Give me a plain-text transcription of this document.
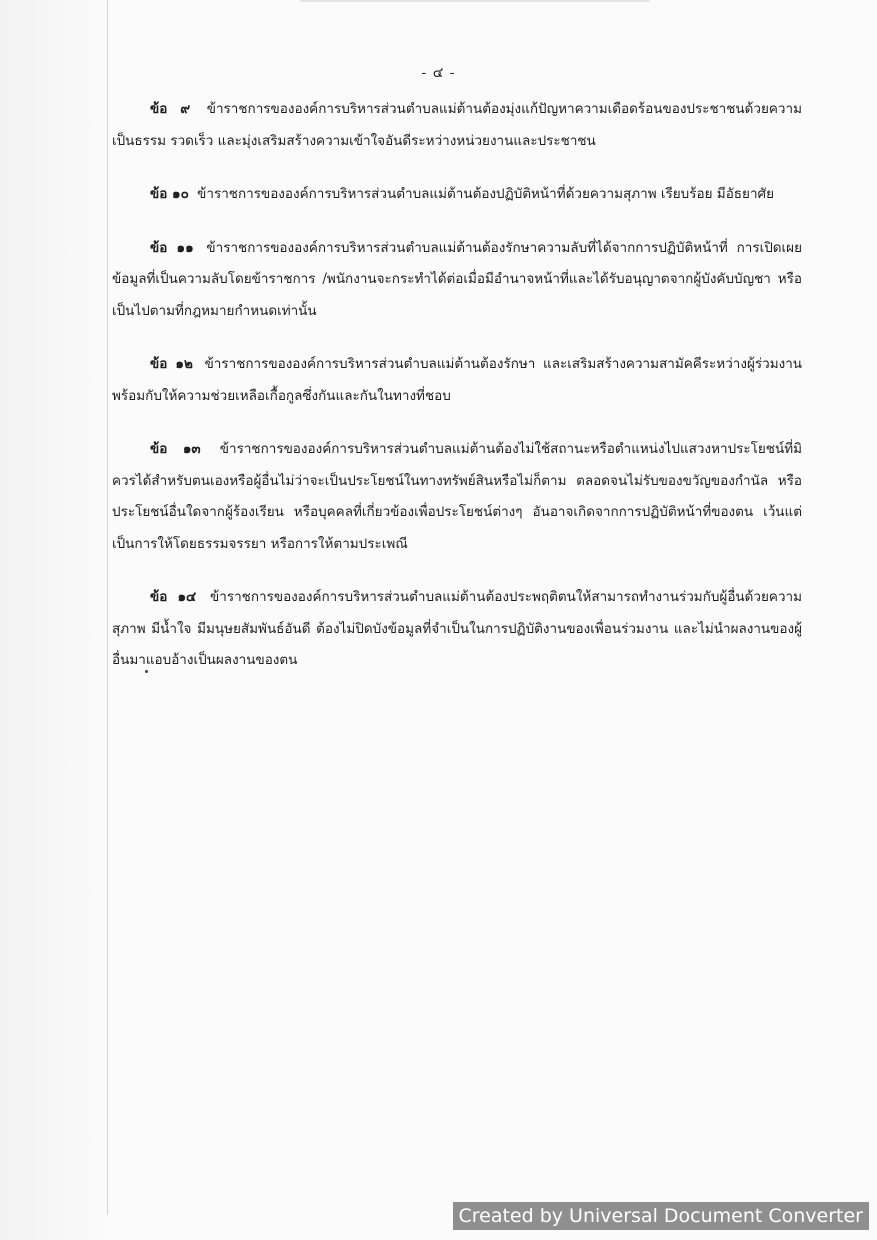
- ๔ -

ข้อ ๙ ข้าราชการขององค์การบริหารส่วนตำบลแม่ต้านต้องมุ่งแก้ปัญหาความเดือดร้อนของประชาชนด้วยความเป็นธรรม รวดเร็ว และมุ่งเสริมสร้างความเข้าใจอันดีระหว่างหน่วยงานและประชาชน

ข้อ ๑๐ ข้าราชการขององค์การบริหารส่วนตำบลแม่ต้านต้องปฏิบัติหน้าที่ด้วยความสุภาพ เรียบร้อย มีอัธยาศัย

ข้อ ๑๑ ข้าราชการขององค์การบริหารส่วนตำบลแม่ต้านต้องรักษาความลับที่ได้จากการปฏิบัติหน้าที่ การเปิดเผยข้อมูลที่เป็นความลับโดยข้าราชการ /พนักงานจะกระทำได้ต่อเมื่อมีอำนาจหน้าที่และได้รับอนุญาตจากผู้บังคับบัญชา หรือเป็นไปตามที่กฎหมายกำหนดเท่านั้น

ข้อ ๑๒ ข้าราชการขององค์การบริหารส่วนตำบลแม่ต้านต้องรักษา และเสริมสร้างความสามัคคีระหว่างผู้ร่วมงาน พร้อมกับให้ความช่วยเหลือเกื้อกูลซึ่งกันและกันในทางที่ชอบ

ข้อ ๑๓ ข้าราชการขององค์การบริหารส่วนตำบลแม่ต้านต้องไม่ใช้สถานะหรือตำแหน่งไปแสวงหาประโยชน์ที่มิควรได้สำหรับตนเองหรือผู้อื่นไม่ว่าจะเป็นประโยชน์ในทางทรัพย์สินหรือไม่ก็ตาม ตลอดจนไม่รับของขวัญของกำนัล หรือประโยชน์อื่นใดจากผู้ร้องเรียน หรือบุคคลที่เกี่ยวข้องเพื่อประโยชน์ต่างๆ อันอาจเกิดจากการปฏิบัติหน้าที่ของตน เว้นแต่เป็นการให้โดยธรรมจรรยา หรือการให้ตามประเพณี

ข้อ ๑๔ ข้าราชการขององค์การบริหารส่วนตำบลแม่ต้านต้องประพฤติตนให้สามารถทำงานร่วมกับผู้อื่นด้วยความสุภาพ มีน้ำใจ มีมนุษยสัมพันธ์อันดี ต้องไม่ปิดบังข้อมูลที่จำเป็นในการปฏิบัติงานของเพื่อนร่วมงาน และไม่นำผลงานของผู้อื่นมาแอบอ้างเป็นผลงานของตน

Created by Universal Document Converter
